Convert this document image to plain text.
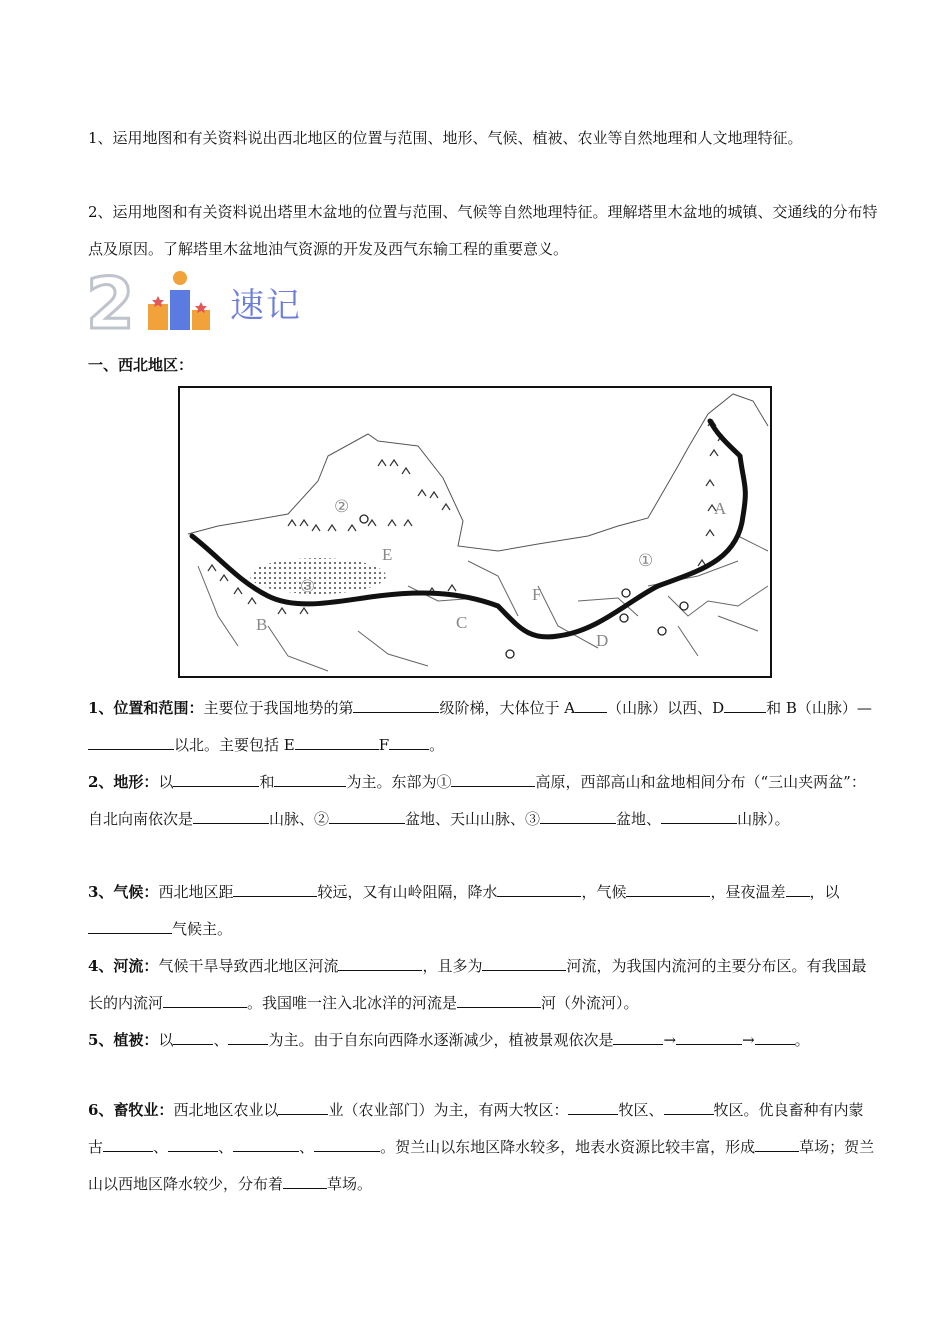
1、运用地图和有关资料说出西北地区的位置与范围、地形、气候、植被、农业等自然地理和人文地理特征。
2、运用地图和有关资料说出塔里木盆地的位置与范围、气候等自然地理特征。理解塔里木盆地的城镇、交通线的分布特点及原因。了解塔里木盆地油气资源的开发及西气东输工程的重要意义。
2	速记
一、西北地区：
A
B	C
D
E
F
①
②
③
1、位置和范围：主要位于我国地势的第	级阶梯，大体位于 A （山脉）以西、D	和 B（山脉）—以北。主要包括 E	F	。
2、地形：以	和	为主。东部为①	高原，西部高山和盆地相间分布（“三山夹两盆”：自北向南依次是	山脉、②	盆地、天山山脉、③	盆地、	山脉）。
3、气候：西北地区距	较远，又有山岭阻隔，降水	，气候	，昼夜温差 ，以气候主。
4、河流：气候干旱导致西北地区河流	，且多为	河流，为我国内流河的主要分布区。有我国最长的内流河	。我国唯一注入北冰洋的河流是	河（外流河）。
5、植被：以	、	为主。由于自东向西降水逐渐减少，植被景观依次是	→	→	。
6、畜牧业：西北地区农业以	业（农业部门）为主，有两大牧区：	牧区、	牧区。优良畜种有内蒙古	、	、	、	。贺兰山以东地区降水较多，地表水资源比较丰富，形成	草场；贺兰山以西地区降水较少，分布着	草场。
